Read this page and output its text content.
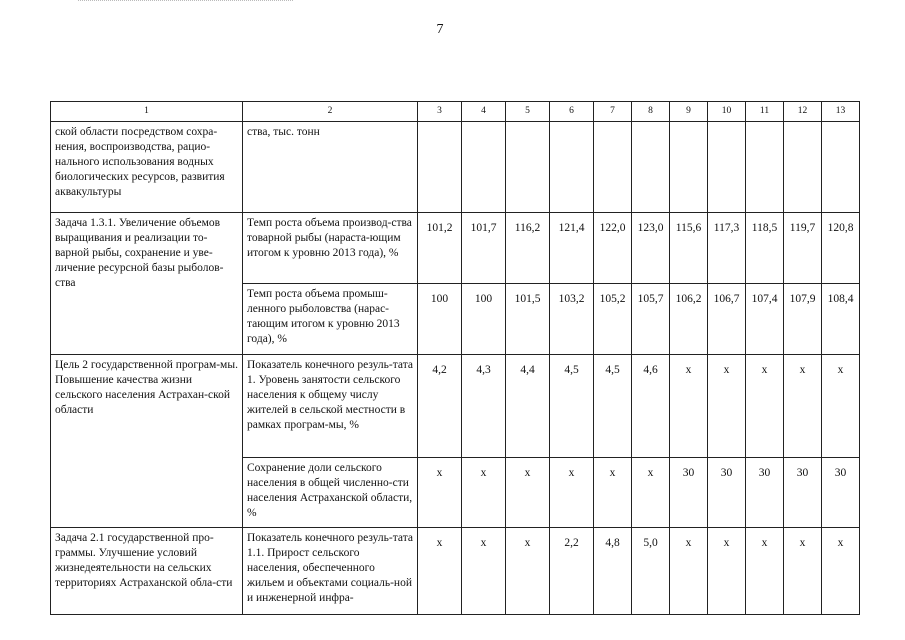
7
1	2	3	4	5	6	7	8	9	10	11	12	13
ской области посредством сохра-нения, воспроизводства, рацио-нального использования водных биологических ресурсов, развития аквакультуры	ства, тыс. тонн											
Задача 1.3.1. Увеличение объемов выращивания и реализации то-варной рыбы, сохранение и уве-личение ресурсной базы рыболов-ства	Темп роста объема производ-ства товарной рыбы (нараста-ющим итогом к уровню 2013 года), %	101,2	101,7	116,2	121,4	122,0	123,0	115,6	117,3	118,5	119,7	120,8
	Темп роста объема промыш-ленного рыболовства (нарас-тающим итогом к уровню 2013 года), %	100	100	101,5	103,2	105,2	105,7	106,2	106,7	107,4	107,9	108,4
Цель 2 государственной програм-мы. Повышение качества жизни сельского населения Астрахан-ской области	Показатель конечного резуль-тата 1. Уровень занятости сельского населения к общему числу жителей в сельской местности в рамках програм-мы, %	4,2	4,3	4,4	4,5	4,5	4,6	x	x	x	x	x
	Сохранение доли сельского населения в общей численно-сти населения Астраханской области, %	x	x	x	x	x	x	30	30	30	30	30
Задача 2.1 государственной про-граммы. Улучшение условий жизнедеятельности на сельских территориях Астраханской обла-сти	Показатель конечного резуль-тата 1.1. Прирост сельского населения, обеспеченного жильем и объектами социаль-ной и инженерной инфра-	x	x	x	2,2	4,8	5,0	x	x	x	x	x
